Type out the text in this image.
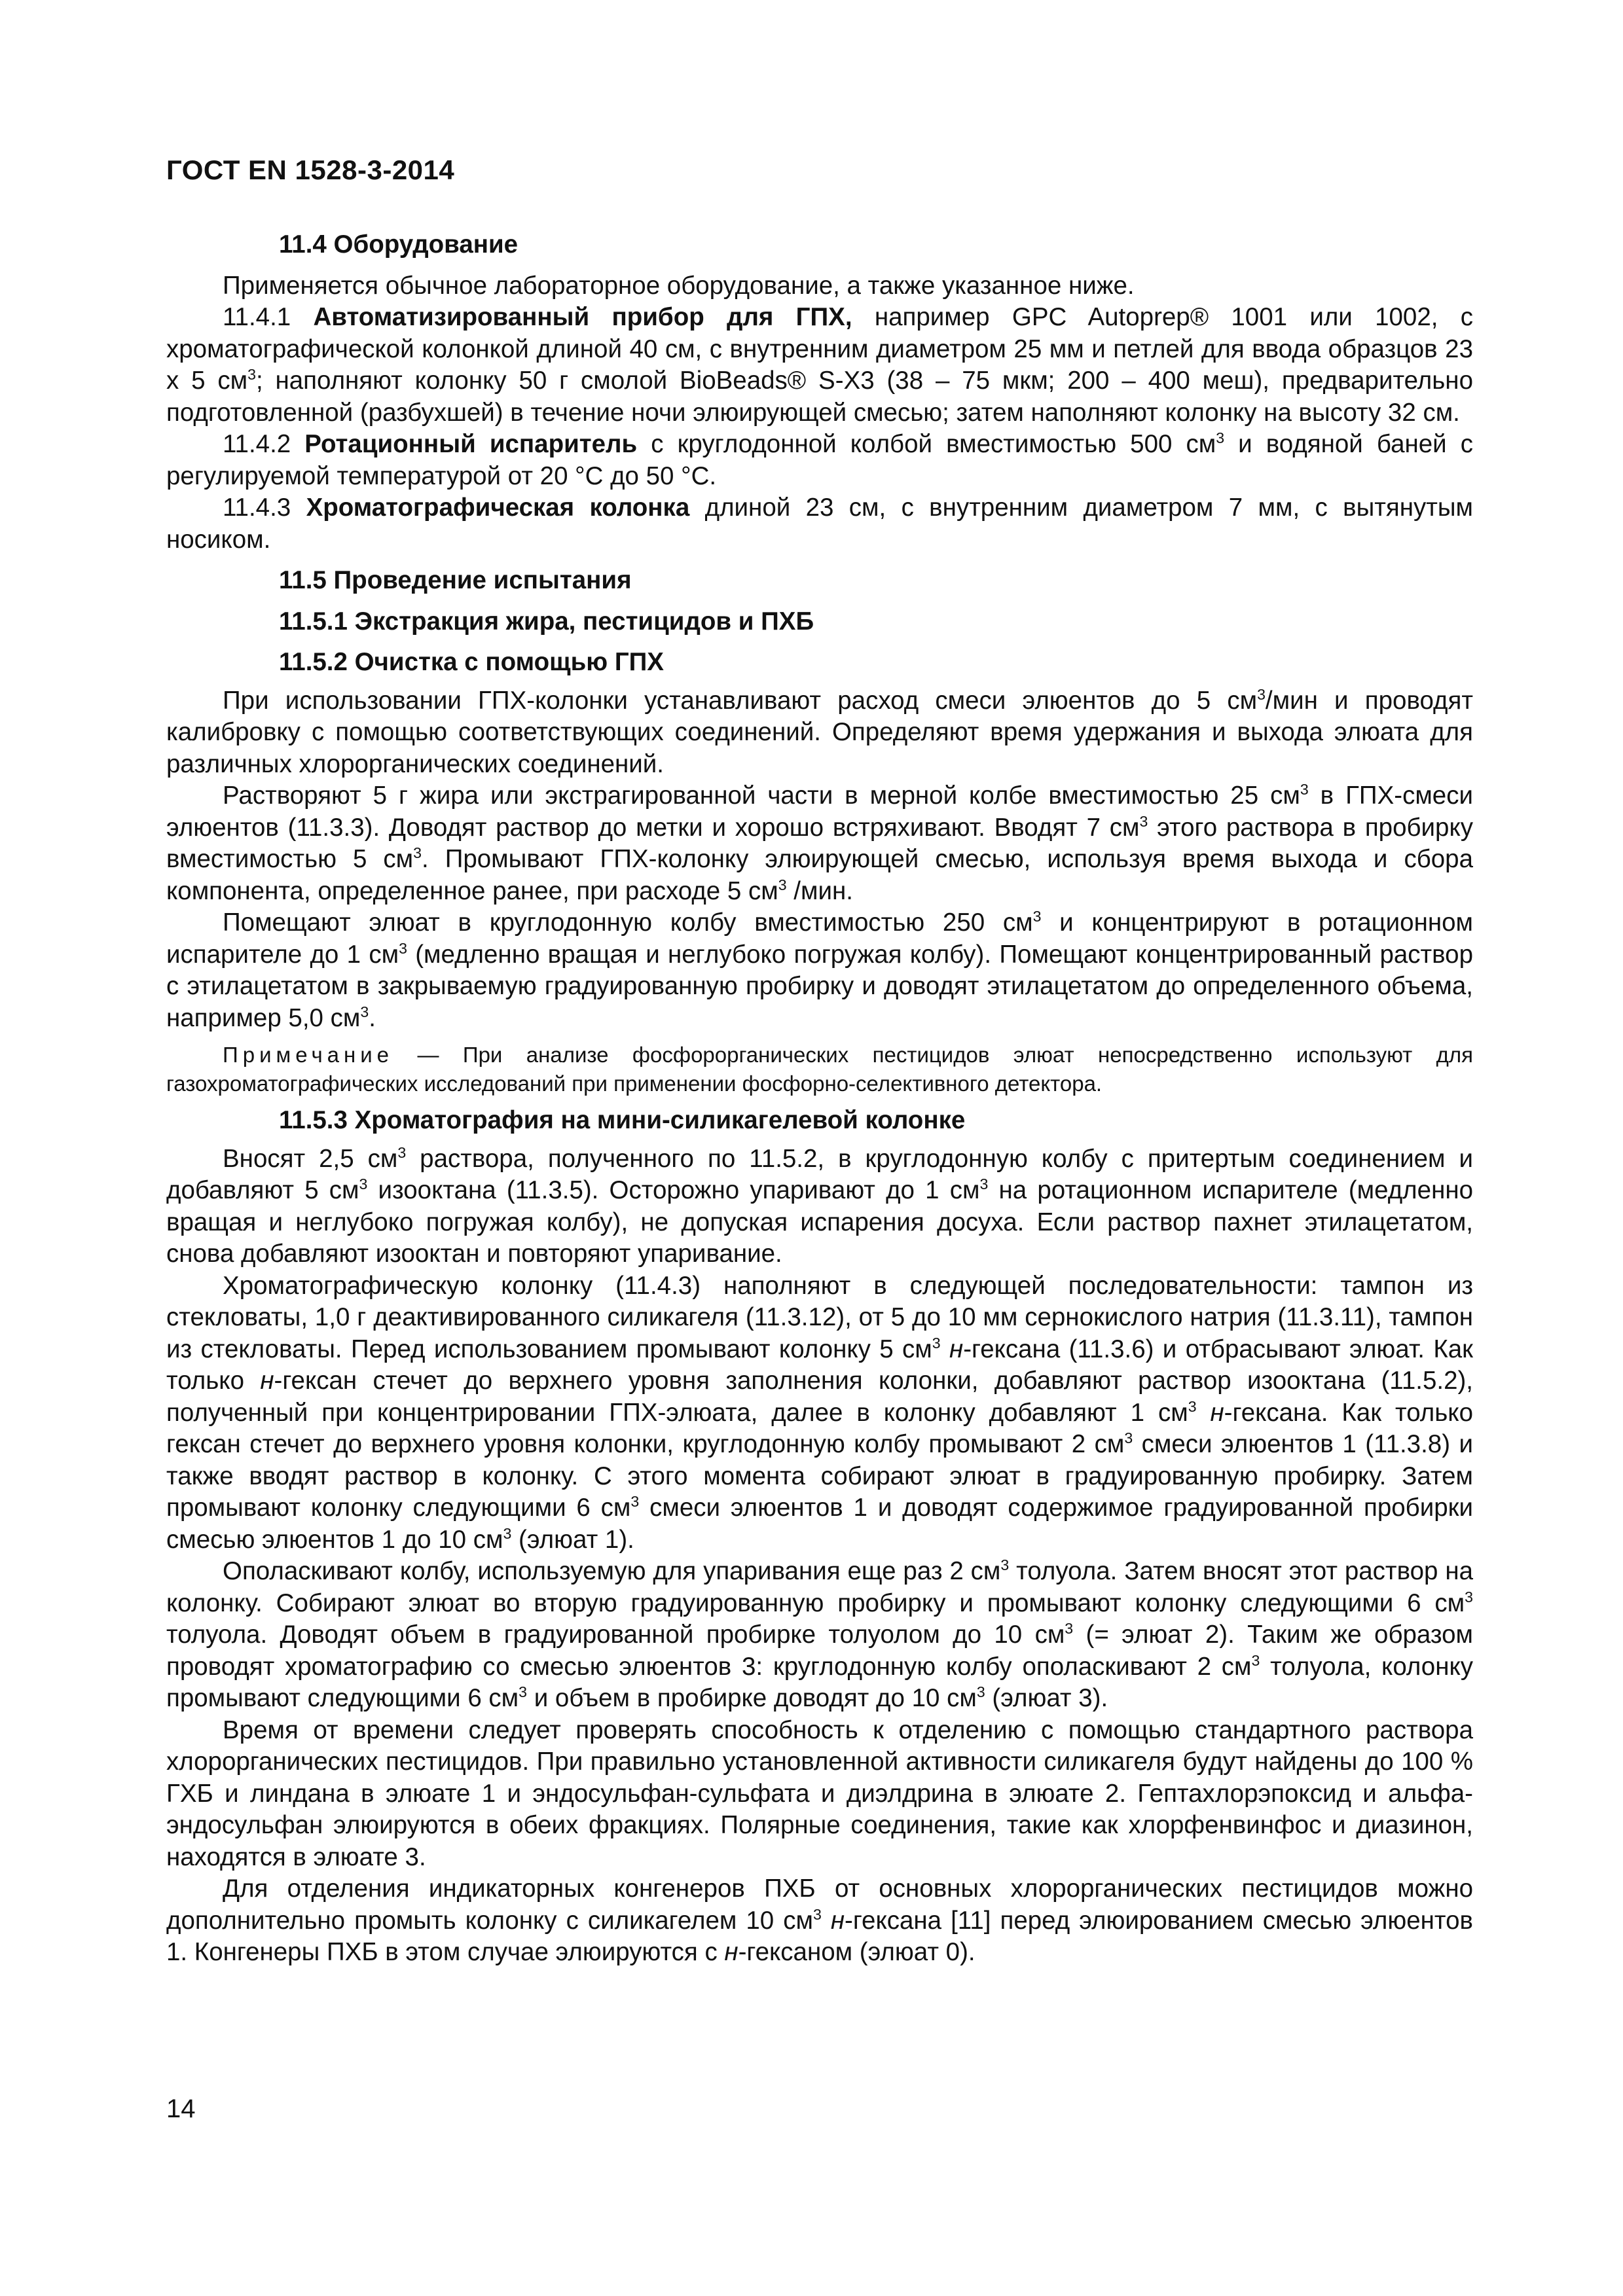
ГОСТ EN 1528-3-2014

11.4 Оборудование

Применяется обычное лабораторное оборудование, а также указанное ниже.

11.4.1 Автоматизированный прибор для ГПХ, например GPC Autoprep® 1001 или 1002, с хроматографической колонкой длиной 40 см, с внутренним диаметром 25 мм и петлей для ввода образцов 23 х 5 $см^3$; наполняют колонку 50 г смолой BioBeads® S-X3 (38 – 75 мкм; 200 – 400 меш), предварительно подготовленной (разбухшей) в течение ночи элюирующей смесью; затем наполняют колонку на высоту 32 см.

11.4.2 Ротационный испаритель с круглодонной колбой вместимостью 500 $см^3$ и водяной баней с регулируемой температурой от 20 °С до 50 °С.

11.4.3 Хроматографическая колонка длиной 23 см, с внутренним диаметром 7 мм, с вытянутым носиком.

11.5 Проведение испытания

11.5.1 Экстракция жира, пестицидов и ПХБ

11.5.2 Очистка с помощью ГПХ

При использовании ГПХ-колонки устанавливают расход смеси элюентов до 5 $см^3$/мин и проводят калибровку с помощью соответствующих соединений. Определяют время удержания и выхода элюата для различных хлорорганических соединений.

Растворяют 5 г жира или экстрагированной части в мерной колбе вместимостью 25 $см^3$ в ГПХ-смеси элюентов (11.3.3). Доводят раствор до метки и хорошо встряхивают. Вводят 7 $см^3$ этого раствора в пробирку вместимостью 5 $см^3$. Промывают ГПХ-колонку элюирующей смесью, используя время выхода и сбора компонента, определенное ранее, при расходе 5 $см^3$ /мин.

Помещают элюат в круглодонную колбу вместимостью 250 $см^3$ и концентрируют в ротационном испарителе до 1 $см^3$ (медленно вращая и неглубоко погружая колбу). Помещают концентрированный раствор с этилацетатом в закрываемую градуированную пробирку и доводят этилацетатом до определенного объема, например 5,0 $см^3$.

Примечание — При анализе фосфорорганических пестицидов элюат непосредственно используют для газохроматографических исследований при применении фосфорно-селективного детектора.

11.5.3 Хроматография на мини-силикагелевой колонке

Вносят 2,5 $см^3$ раствора, полученного по 11.5.2, в круглодонную колбу с притертым соединением и добавляют 5 $см^3$ изооктана (11.3.5). Осторожно упаривают до 1 $см^3$ на ротационном испарителе (медленно вращая и неглубоко погружая колбу), не допуская испарения досуха. Если раствор пахнет этилацетатом, снова добавляют изооктан и повторяют упаривание.

Хроматографическую колонку (11.4.3) наполняют в следующей последовательности: тампон из стекловаты, 1,0 г деактивированного силикагеля (11.3.12), от 5 до 10 мм сернокислого натрия (11.3.11), тампон из стекловаты. Перед использованием промывают колонку 5 $см^3$ н-гексана (11.3.6) и отбрасывают элюат. Как только н-гексан стечет до верхнего уровня заполнения колонки, добавляют раствор изооктана (11.5.2), полученный при концентрировании ГПХ-элюата, далее в колонку добавляют 1 $см^3$ н-гексана. Как только гексан стечет до верхнего уровня колонки, круглодонную колбу промывают 2 $см^3$ смеси элюентов 1 (11.3.8) и также вводят раствор в колонку. С этого момента собирают элюат в градуированную пробирку. Затем промывают колонку следующими 6 $см^3$ смеси элюентов 1 и доводят содержимое градуированной пробирки смесью элюентов 1 до 10 $см^3$ (элюат 1).

Ополаскивают колбу, используемую для упаривания еще раз 2 $см^3$ толуола. Затем вносят этот раствор на колонку. Собирают элюат во вторую градуированную пробирку и промывают колонку следующими 6 $см^3$ толуола. Доводят объем в градуированной пробирке толуолом до 10 $см^3$ (= элюат 2). Таким же образом проводят хроматографию со смесью элюентов 3: круглодонную колбу ополаскивают 2 $см^3$ толуола, колонку промывают следующими 6 $см^3$ и объем в пробирке доводят до 10 $см^3$ (элюат 3).

Время от времени следует проверять способность к отделению с помощью стандартного раствора хлорорганических пестицидов. При правильно установленной активности силикагеля будут найдены до 100 % ГХБ и линдана в элюате 1 и эндосульфан-сульфата и диэлдрина в элюате 2. Гептахлорэпоксид и альфа-эндосульфан элюируются в обеих фракциях. Полярные соединения, такие как хлорфенвинфос и диазинон, находятся в элюате 3.

Для отделения индикаторных конгенеров ПХБ от основных хлорорганических пестицидов можно дополнительно промыть колонку с силикагелем 10 $см^3$ н-гексана [11] перед элюированием смесью элюентов 1. Конгенеры ПХБ в этом случае элюируются с н-гексаном (элюат 0).

14
